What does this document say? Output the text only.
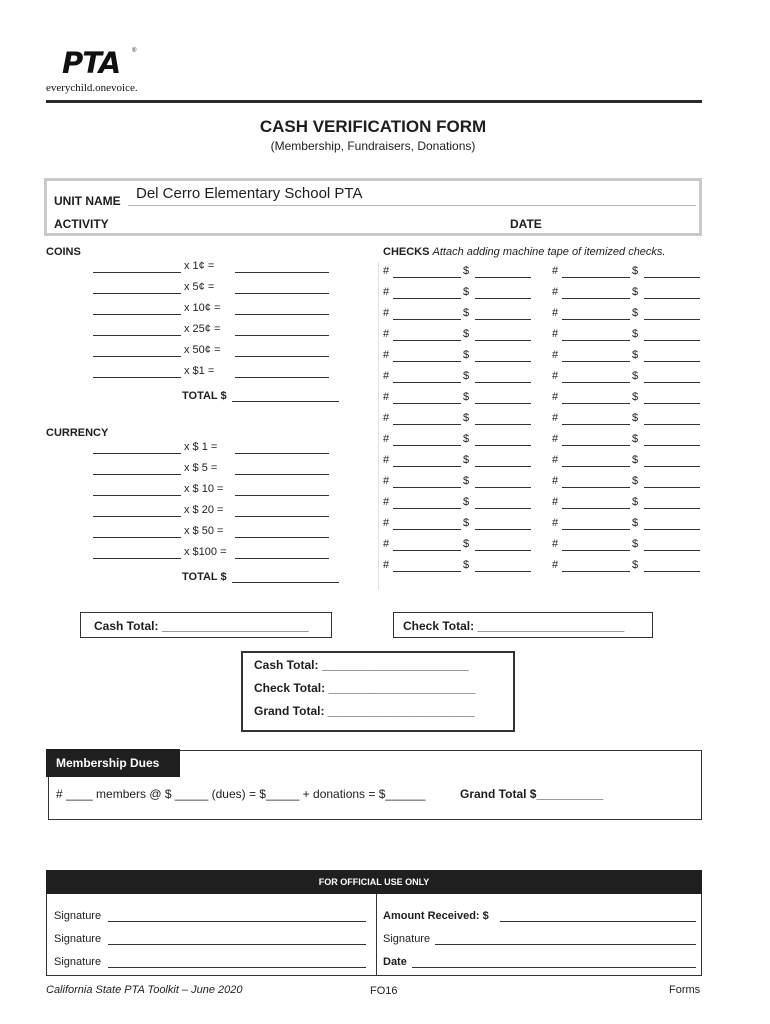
PTA ®
everychild.onevoice.
CASH VERIFICATION FORM
(Membership, Fundraisers, Donations)
UNIT NAME Del Cerro Elementary School PTA
ACTIVITY	DATE
COINS
x 1¢ =
x 5¢ =
x 10¢ =
x 25¢ =
x 50¢ =
x $1 =
TOTAL $
CURRENCY
x $ 1 =
x $ 5 =
x $ 10 =
x $ 20 =
x $ 50 =
x $100 =
TOTAL $
CHECKS Attach adding machine tape of itemized checks.
#	$	#	$
#	$	#	$
#	$	#	$
#	$	#	$
#	$	#	$
#	$	#	$
#	$	#	$
#	$	#	$
#	$	#	$
#	$	#	$
#	$	#	$
#	$	#	$
#	$	#	$
#	$	#	$
#	$	#	$
Cash Total: ______________________	Check Total: ______________________
Cash Total: ______________________
Check Total: ______________________
Grand Total: ______________________
Membership Dues
# ____ members @ $ _____ (dues) = $_____ + donations = $______	Grand Total $__________
FOR OFFICIAL USE ONLY
Signature
Signature
Signature
Amount Received: $
Signature
Date
California State PTA Toolkit – June 2020	FO16	Forms
